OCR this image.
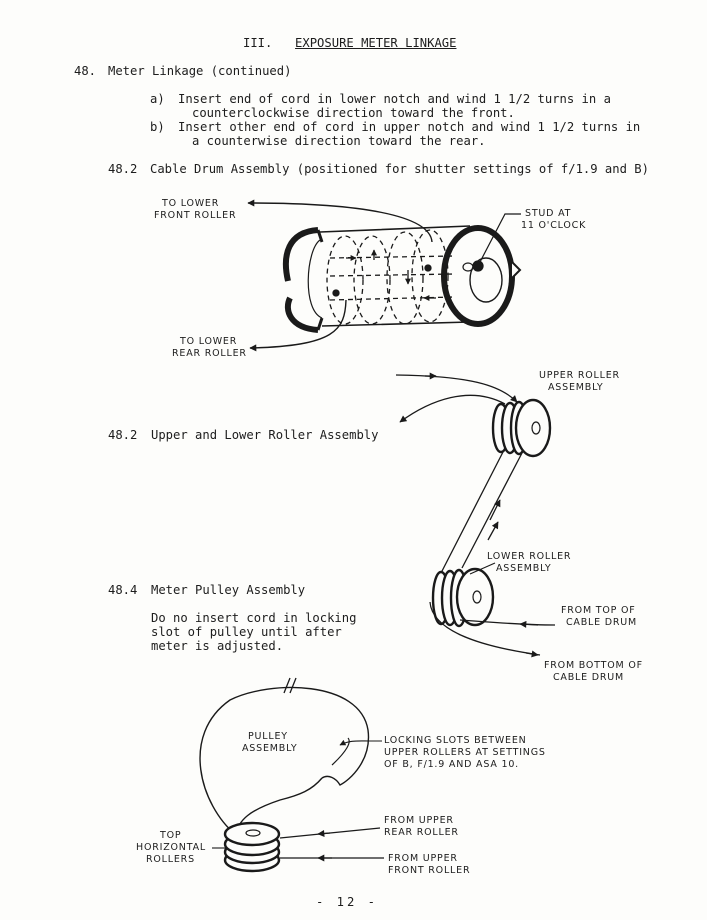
III. EXPOSURE METER LINKAGE
48. Meter Linkage (continued)
a) Insert end of cord in lower notch and wind 1 1/2 turns in a
counterclockwise direction toward the front.
b) Insert other end of cord in upper notch and wind 1 1/2 turns in
a counterwise direction toward the rear.
48.2 Cable Drum Assembly (positioned for shutter settings of f/1.9 and B)
48.2 Upper and Lower Roller Assembly
48.4 Meter Pulley Assembly
Do no insert cord in locking
slot of pulley until after
meter is adjusted.
TO LOWER
FRONT ROLLER	STUD AT
11 O'CLOCK
TO LOWER
REAR ROLLER
UPPER ROLLER
ASSEMBLY
LOWER ROLLER
ASSEMBLY
FROM TOP OF
CABLE DRUM
FROM BOTTOM OF
CABLE DRUM
PULLEY
ASSEMBLY
LOCKING SLOTS BETWEEN
UPPER ROLLERS AT SETTINGS
OF B, F/1.9 AND ASA 10.
FROM UPPER
REAR ROLLER
FROM UPPER
FRONT ROLLER
TOP
HORIZONTAL
ROLLERS
- 12 -
